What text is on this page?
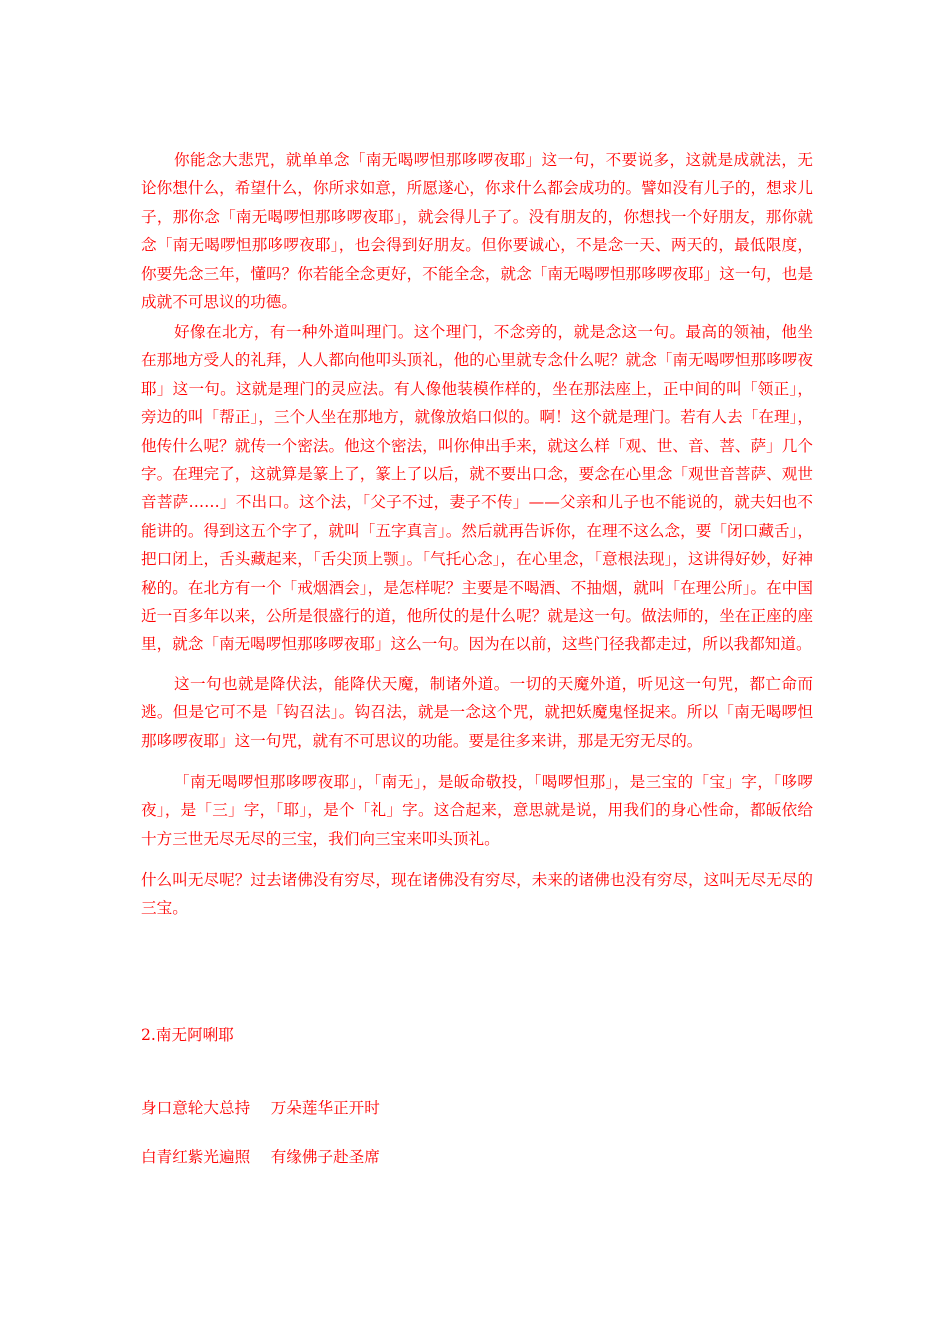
你能念大悲咒，就单单念「南无喝啰怛那哆啰夜耶」这一句，不要说多，这就是成就法，无论你想什么，希望什么，你所求如意，所愿遂心，你求什么都会成功的。譬如没有儿子的，想求儿子，那你念「南无喝啰怛那哆啰夜耶」，就会得儿子了。没有朋友的，你想找一个好朋友，那你就念「南无喝啰怛那哆啰夜耶」，也会得到好朋友。但你要诚心，不是念一天、两天的，最低限度，你要先念三年，懂吗？你若能全念更好，不能全念，就念「南无喝啰怛那哆啰夜耶」这一句，也是成就不可思议的功德。

好像在北方，有一种外道叫理门。这个理门，不念旁的，就是念这一句。最高的领袖，他坐在那地方受人的礼拜，人人都向他叩头顶礼，他的心里就专念什么呢？就念「南无喝啰怛那哆啰夜耶」这一句。这就是理门的灵应法。有人像他装模作样的，坐在那法座上，正中间的叫「领正」，旁边的叫「帮正」，三个人坐在那地方，就像放焰口似的。啊！这个就是理门。若有人去「在理」，他传什么呢？就传一个密法。他这个密法，叫你伸出手来，就这么样「观、世、音、菩、萨」几个字。在理完了，这就算是篆上了，篆上了以后，就不要出口念，要念在心里念「观世音菩萨、观世音菩萨……」不出口。这个法，「父子不过，妻子不传」——父亲和儿子也不能说的，就夫妇也不能讲的。得到这五个字了，就叫「五字真言」。然后就再告诉你，在理不这么念，要「闭口藏舌」，把口闭上，舌头藏起来，「舌尖顶上颚」。「气托心念」，在心里念，「意根法现」，这讲得好妙，好神秘的。在北方有一个「戒烟酒会」，是怎样呢？主要是不喝酒、不抽烟，就叫「在理公所」。在中国近一百多年以来，公所是很盛行的道，他所仗的是什么呢？就是这一句。做法师的，坐在正座的座里，就念「南无喝啰怛那哆啰夜耶」这么一句。因为在以前，这些门径我都走过，所以我都知道。

这一句也就是降伏法，能降伏天魔，制诸外道。一切的天魔外道，听见这一句咒，都亡命而逃。但是它可不是「钩召法」。钩召法，就是一念这个咒，就把妖魔鬼怪捉来。所以「南无喝啰怛那哆啰夜耶」这一句咒，就有不可思议的功能。要是往多来讲，那是无穷无尽的。

「南无喝啰怛那哆啰夜耶」，「南无」，是皈命敬投，「喝啰怛那」，是三宝的「宝」字，「哆啰夜」，是「三」字，「耶」，是个「礼」字。这合起来，意思就是说，用我们的身心性命，都皈依给十方三世无尽无尽的三宝，我们向三宝来叩头顶礼。

什么叫无尽呢？过去诸佛没有穷尽，现在诸佛没有穷尽，未来的诸佛也没有穷尽，这叫无尽无尽的三宝。

2.南无阿唎耶

身口意轮大总持　 万朵莲华正开时

白青红紫光遍照　 有缘佛子赴圣席
